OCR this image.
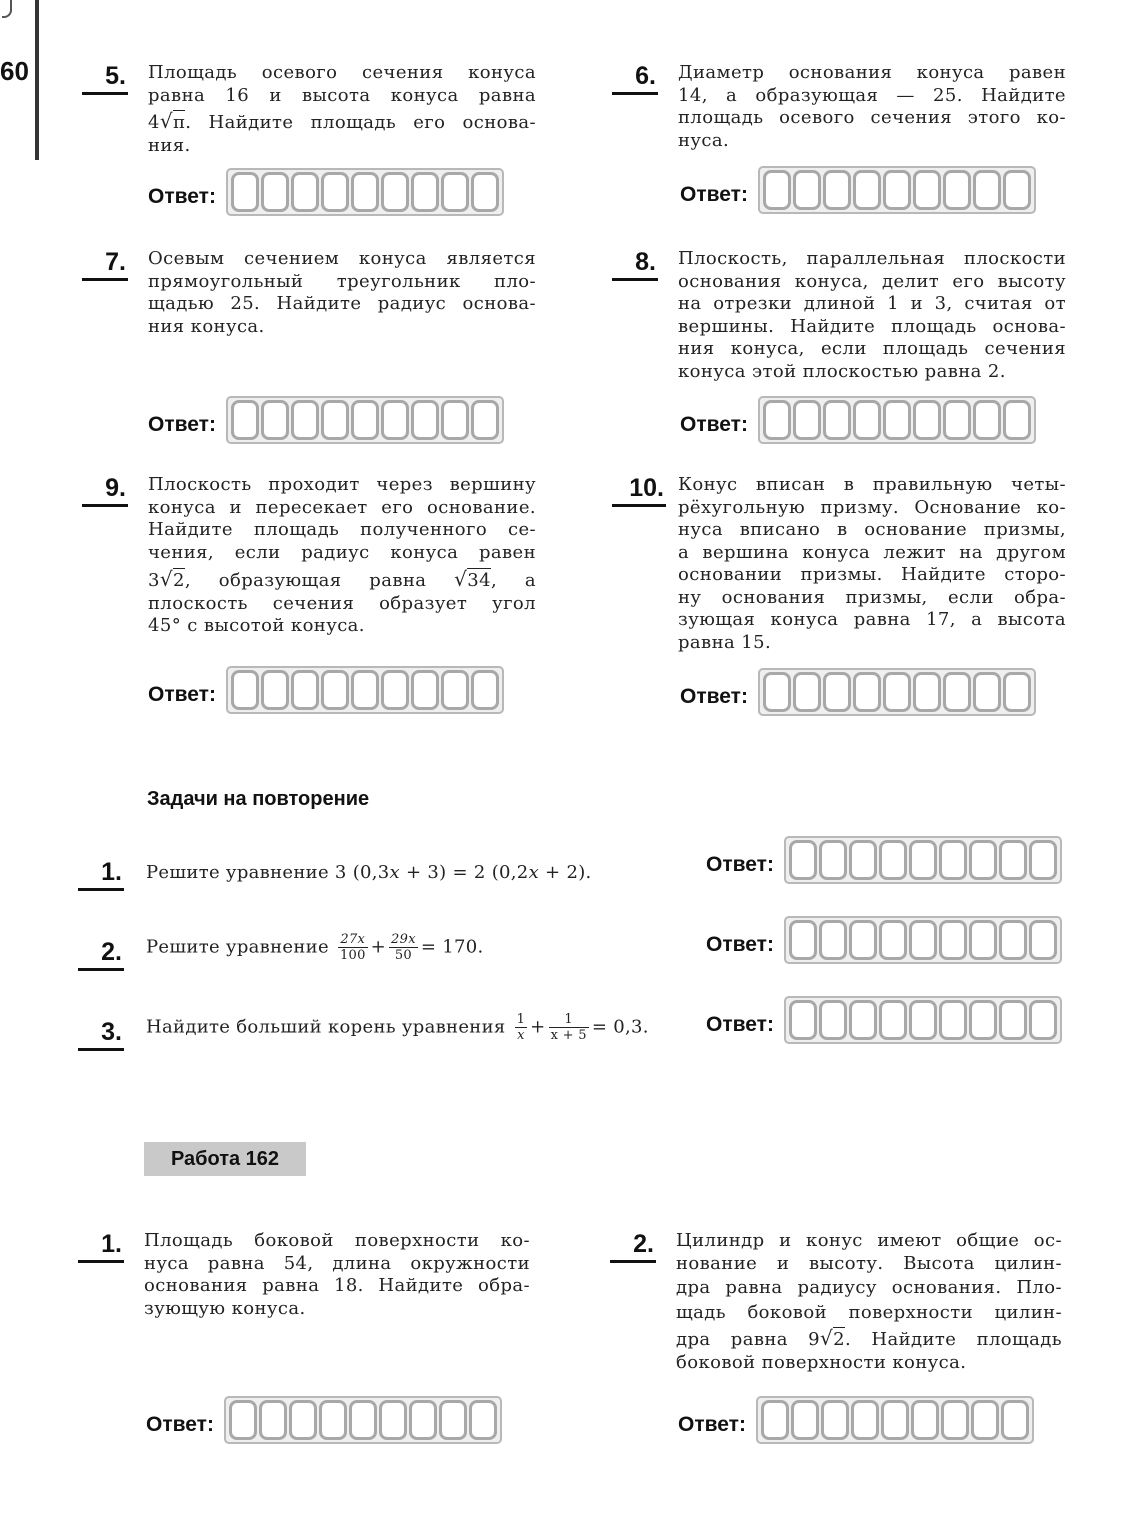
60	5. Площадь осевого сечения конуса
равна 16 и высота конуса равна
4√π. Найдите площадь его основа-
ния.
Ответ:
6. Диаметр основания конуса равен
14, а образующая — 25. Найдите
площадь осевого сечения этого ко-
нуса.
Ответ:
7. Осевым сечением конуса является
прямоугольный треугольник пло-
щадью 25. Найдите радиус основа-
ния конуса.
Ответ:
8. Плоскость, параллельная плоскости
основания конуса, делит его высоту
на отрезки длиной 1 и 3, считая от
вершины. Найдите площадь основа-
ния конуса, если площадь сечения
конуса этой плоскостью равна 2.
Ответ:
9. Плоскость проходит через вершину
конуса и пересекает его основание.
Найдите площадь полученного се-
чения, если радиус конуса равен
3√2, образующая равна √34, а
плоскость сечения образует угол
45° с высотой конуса.
Ответ:
10. Конус вписан в правильную четы-
рёхугольную призму. Основание ко-
нуса вписано в основание призмы,
а вершина конуса лежит на другом
основании призмы. Найдите сторо-
ну основания призмы, если обра-
зующая конуса равна 17, а высота
равна 15.
Ответ:
Задачи на повторение
1. Решите уравнение 3 (0,3x + 3) = 2 (0,2x + 2).	Ответ:
2. Решите уравнение $\frac{27x}{100} + \frac{29x}{50} = 170$.	Ответ:
3. Найдите больший корень уравнения $\frac{1}{x} + \frac{1}{x + 5} = 0,3$.	Ответ:
Работа 162
1. Площадь боковой поверхности ко-
нуса равна 54, длина окружности
основания равна 18. Найдите обра-
зующую конуса.
Ответ:
2. Цилиндр и конус имеют общие ос-
нование и высоту. Высота цилин-
дра равна радиусу основания. Пло-
щадь боковой поверхности цилин-
дра равна 9√2. Найдите площадь
боковой поверхности конуса.
Ответ:
